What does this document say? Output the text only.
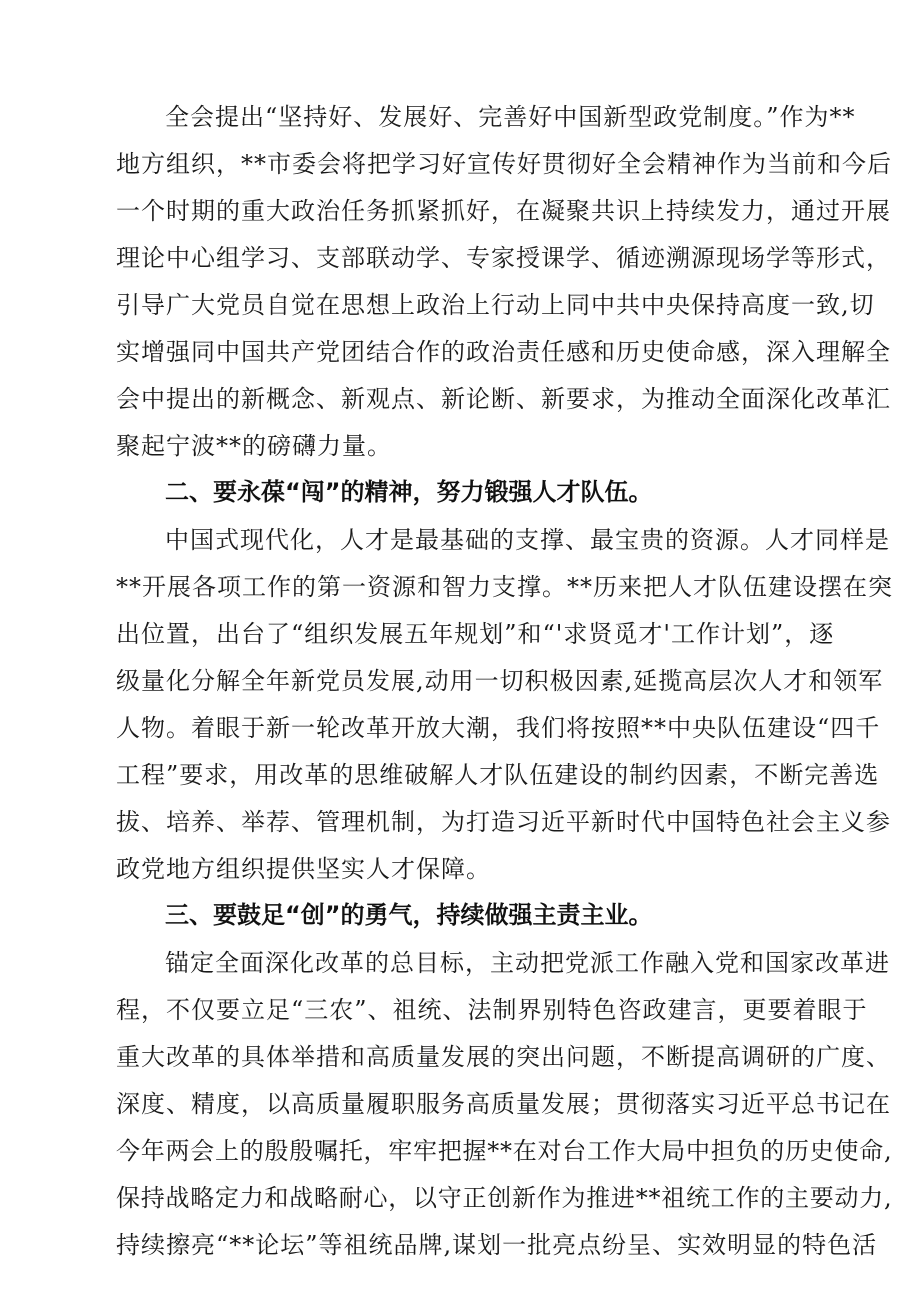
全会提出“坚持好、发展好、完善好中国新型政党制度。”作为**

地方组织，**市委会将把学习好宣传好贯彻好全会精神作为当前和今后

一个时期的重大政治任务抓紧抓好，在凝聚共识上持续发力，通过开展

理论中心组学习、支部联动学、专家授课学、循迹溯源现场学等形式，

引导广大党员自觉在思想上政治上行动上同中共中央保持高度一致,切

实增强同中国共产党团结合作的政治责任感和历史使命感，深入理解全

会中提出的新概念、新观点、新论断、新要求，为推动全面深化改革汇

聚起宁波**的磅礴力量。

二、要永葆“闯”的精神，努力锻强人才队伍。

中国式现代化，人才是最基础的支撑、最宝贵的资源。人才同样是

**开展各项工作的第一资源和智力支撑。**历来把人才队伍建设摆在突

出位置，出台了“组织发展五年规划”和“'求贤觅才'工作计划”，逐

级量化分解全年新党员发展,动用一切积极因素,延揽高层次人才和领军

人物。着眼于新一轮改革开放大潮，我们将按照**中央队伍建设“四千

工程”要求，用改革的思维破解人才队伍建设的制约因素，不断完善选

拔、培养、举荐、管理机制，为打造习近平新时代中国特色社会主义参

政党地方组织提供坚实人才保障。

三、要鼓足“创”的勇气，持续做强主责主业。

锚定全面深化改革的总目标，主动把党派工作融入党和国家改革进

程，不仅要立足“三农”、祖统、法制界别特色咨政建言，更要着眼于

重大改革的具体举措和高质量发展的突出问题，不断提高调研的广度、

深度、精度，以高质量履职服务高质量发展；贯彻落实习近平总书记在

今年两会上的殷殷嘱托，牢牢把握**在对台工作大局中担负的历史使命,

保持战略定力和战略耐心，以守正创新作为推进**祖统工作的主要动力,

持续擦亮“**论坛”等祖统品牌,谋划一批亮点纷呈、实效明显的特色活
